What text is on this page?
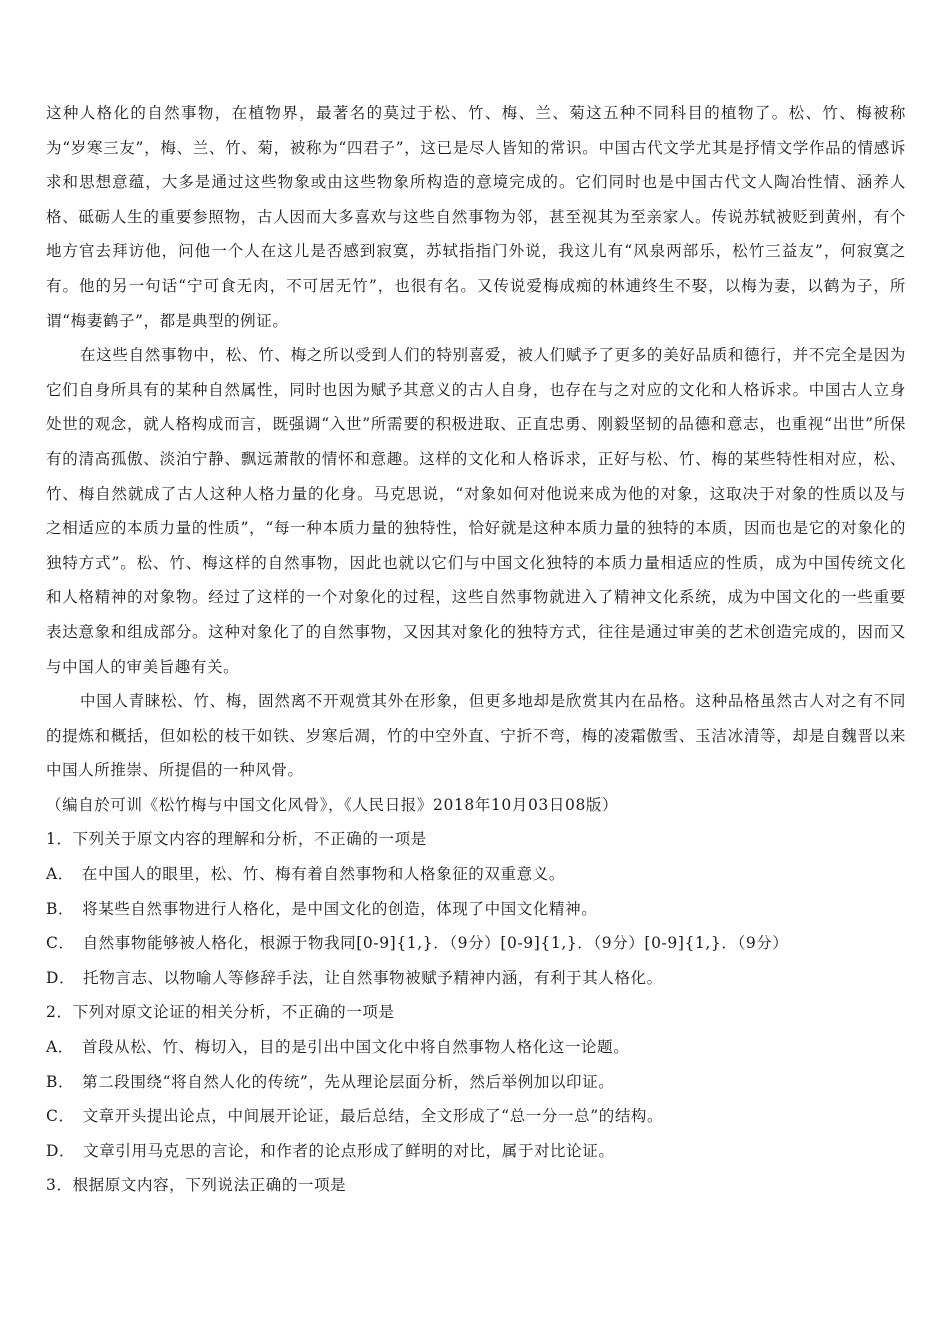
这种人格化的自然事物，在植物界，最著名的莫过于松、竹、梅、兰、菊这五种不同科目的植物了。松、竹、梅被称为“岁寒三友”，梅、兰、竹、菊，被称为“四君子”，这已是尽人皆知的常识。中国古代文学尤其是抒情文学作品的情感诉求和思想意蕴，大多是通过这些物象或由这些物象所构造的意境完成的。它们同时也是中国古代文人陶冶性情、涵养人格、砥砺人生的重要参照物，古人因而大多喜欢与这些自然事物为邻，甚至视其为至亲家人。传说苏轼被贬到黄州，有个地方官去拜访他，问他一个人在这儿是否感到寂寞，苏轼指指门外说，我这儿有“风泉两部乐，松竹三益友”，何寂寞之有。他的另一句话“宁可食无肉，不可居无竹”，也很有名。又传说爱梅成痴的林逋终生不娶，以梅为妻，以鹤为子，所谓“梅妻鹤子”，都是典型的例证。

在这些自然事物中，松、竹、梅之所以受到人们的特别喜爱，被人们赋予了更多的美好品质和德行，并不完全是因为它们自身所具有的某种自然属性，同时也因为赋予其意义的古人自身，也存在与之对应的文化和人格诉求。中国古人立身处世的观念，就人格构成而言，既强调“入世”所需要的积极进取、正直忠勇、刚毅坚韧的品德和意志，也重视“出世”所保有的清高孤傲、淡泊宁静、飘远萧散的情怀和意趣。这样的文化和人格诉求，正好与松、竹、梅的某些特性相对应，松、竹、梅自然就成了古人这种人格力量的化身。马克思说，“对象如何对他说来成为他的对象，这取决于对象的性质以及与之相适应的本质力量的性质”，“每一种本质力量的独特性，恰好就是这种本质力量的独特的本质，因而也是它的对象化的独特方式”。松、竹、梅这样的自然事物，因此也就以它们与中国文化独特的本质力量相适应的性质，成为中国传统文化和人格精神的对象物。经过了这样的一个对象化的过程，这些自然事物就进入了精神文化系统，成为中国文化的一些重要表达意象和组成部分。这种对象化了的自然事物，又因其对象化的独特方式，往往是通过审美的艺术创造完成的，因而又与中国人的审美旨趣有关。

中国人青睐松、竹、梅，固然离不开观赏其外在形象，但更多地却是欣赏其内在品格。这种品格虽然古人对之有不同的提炼和概括，但如松的枝干如铁、岁寒后凋，竹的中空外直、宁折不弯，梅的凌霜傲雪、玉洁冰清等，却是自魏晋以来中国人所推崇、所提倡的一种风骨。

（编自於可训《松竹梅与中国文化风骨》，《人民日报》2018年10月03日08版）

1．下列关于原文内容的理解和分析，不正确的一项是

A． 在中国人的眼里，松、竹、梅有着自然事物和人格象征的双重意义。

B． 将某些自然事物进行人格化，是中国文化的创造，体现了中国文化精神。

C． 自然事物能够被人格化，根源于物我同[0-9]{1,}．（9分）[0-9]{1,}．（9分）[0-9]{1,}．（9分）

D． 托物言志、以物喻人等修辞手法，让自然事物被赋予精神内涵，有利于其人格化。

2．下列对原文论证的相关分析，不正确的一项是

A． 首段从松、竹、梅切入，目的是引出中国文化中将自然事物人格化这一论题。

B． 第二段围绕“将自然人化的传统”，先从理论层面分析，然后举例加以印证。

C． 文章开头提出论点，中间展开论证，最后总结，全文形成了“总一分一总”的结构。

D． 文章引用马克思的言论，和作者的论点形成了鲜明的对比，属于对比论证。

3．根据原文内容，下列说法正确的一项是
